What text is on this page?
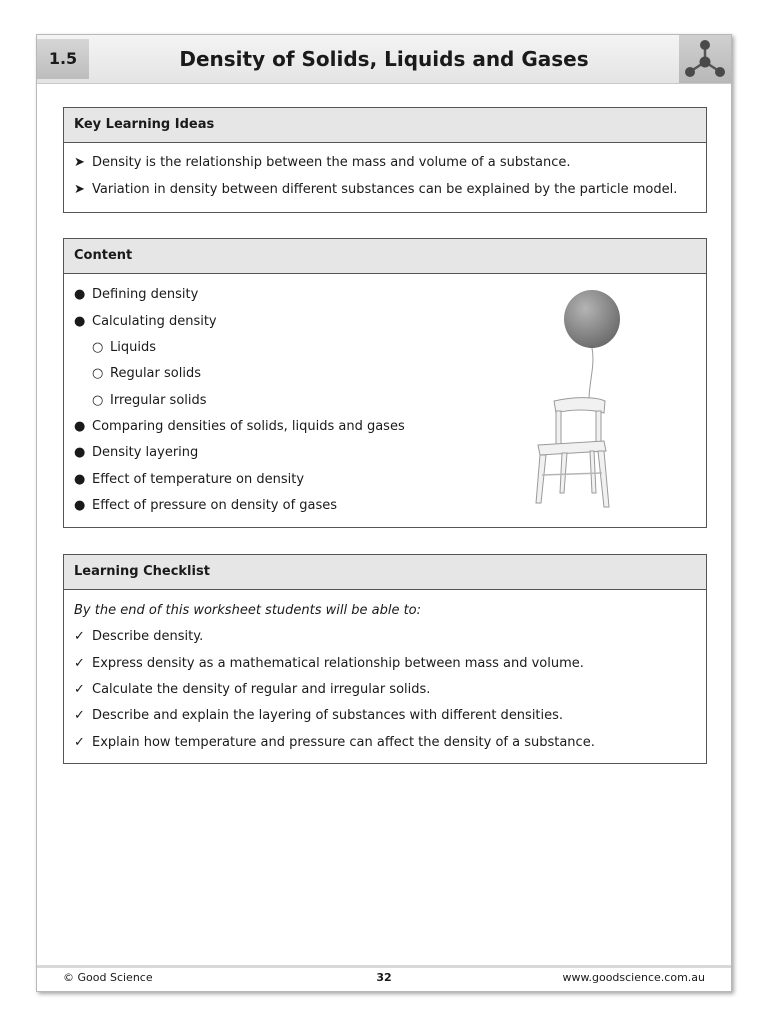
1.5	Density of Solids, Liquids and Gases
Key Learning Ideas
➤ Density is the relationship between the mass and volume of a substance.
➤ Variation in density between different substances can be explained by the particle model.
Content
● Defining density
● Calculating density
○ Liquids
○ Regular solids
○ Irregular solids
● Comparing densities of solids, liquids and gases
● Density layering
● Effect of temperature on density
● Effect of pressure on density of gases
Learning Checklist
By the end of this worksheet students will be able to:
✓ Describe density.
✓ Express density as a mathematical relationship between mass and volume.
✓ Calculate the density of regular and irregular solids.
✓ Describe and explain the layering of substances with different densities.
✓ Explain how temperature and pressure can affect the density of a substance.
© Good Science	32	www.goodscience.com.au
